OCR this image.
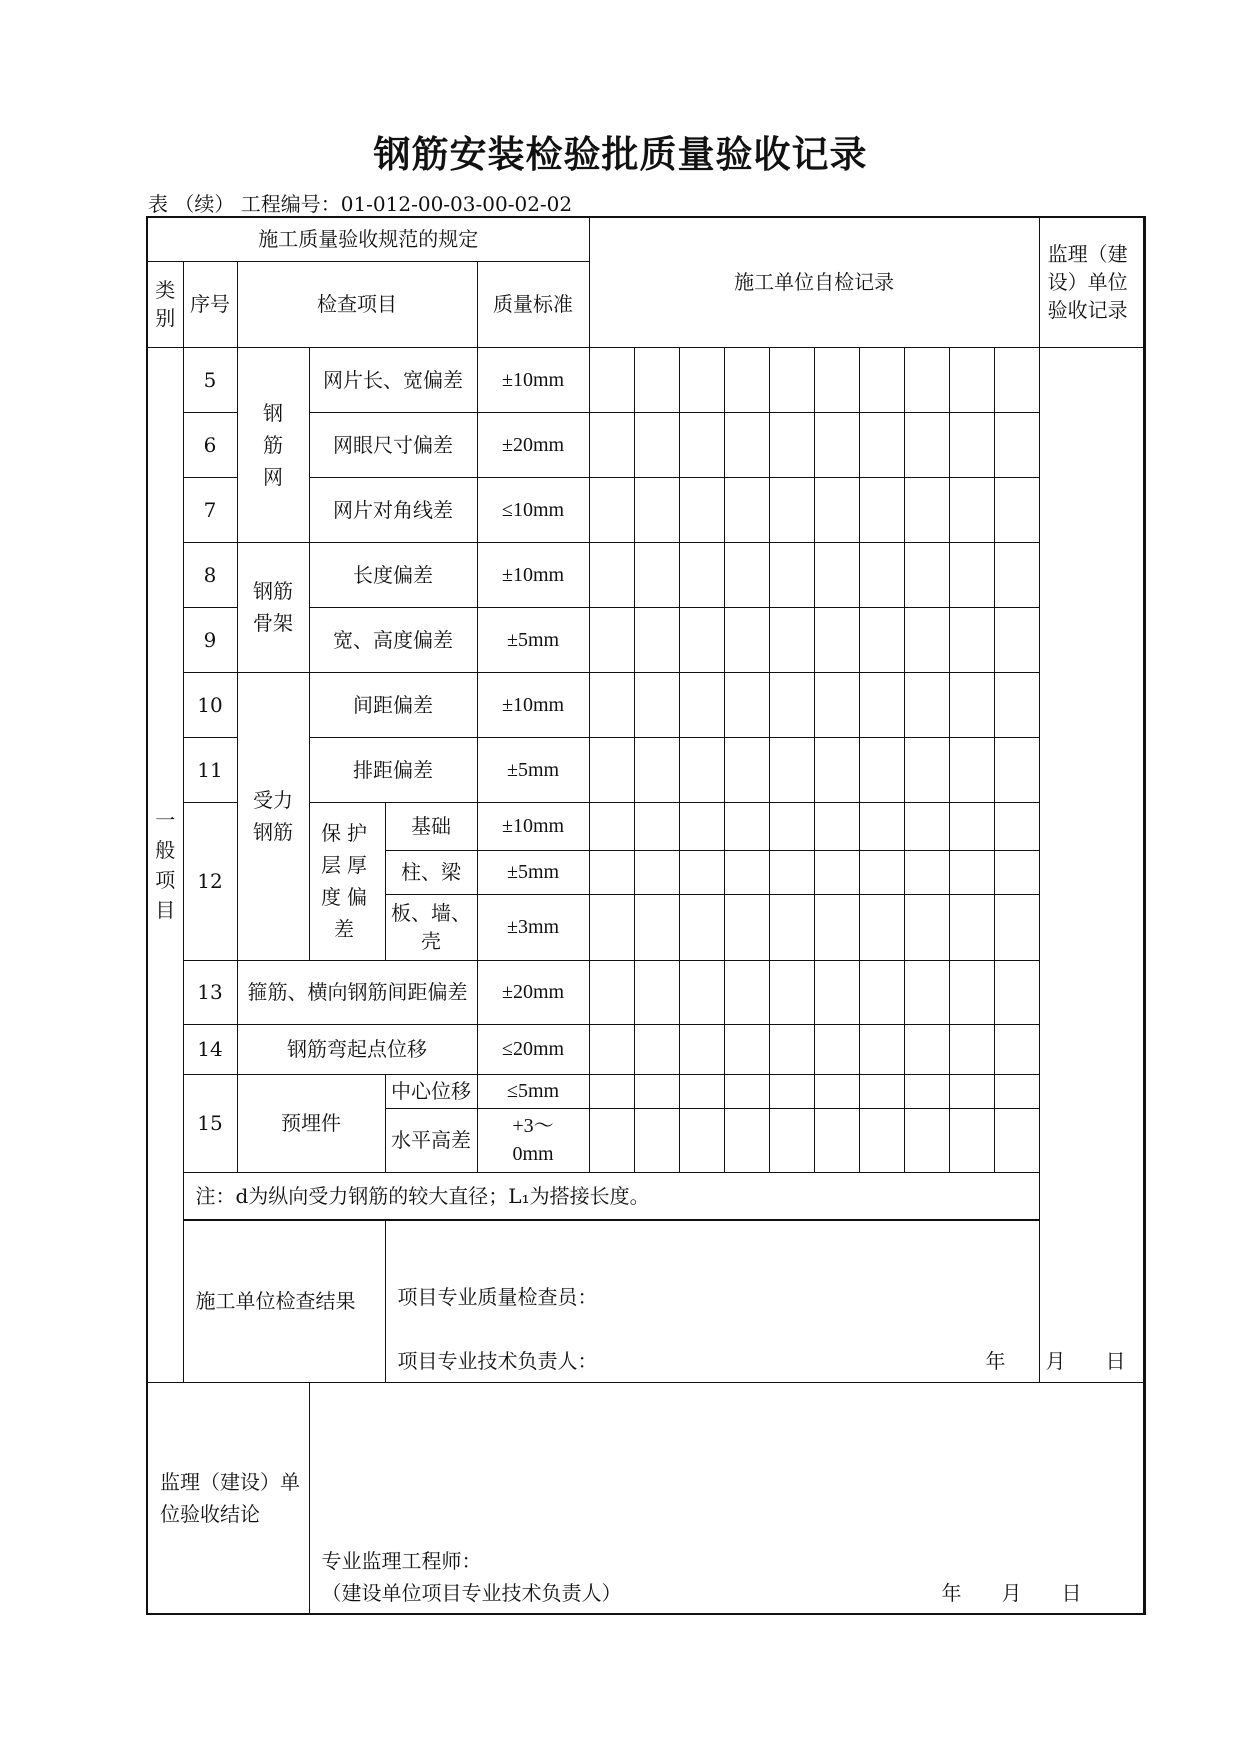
钢筋安装检验批质量验收记录
表 （续） 工程编号：01-012-00-03-00-02-02
施工质量验收规范的规定						施工单位自检记录										监理（建设）单位验收记录
类别	序号	检查项目			质量标准											
一般项目	5	钢筋网	网片长、宽偏差		±10mm											
	6		网眼尺寸偏差		±20mm											
	7		网片对角线差		≤10mm											
	8	钢筋骨架	长度偏差		±10mm											
	9		宽、高度偏差		±5mm											
	10	受力钢筋	间距偏差		±10mm											
	11		排距偏差		±5mm											
	12		保护层厚度偏差	基础	±10mm											
				柱、梁	±5mm											
				板、墙、壳	±3mm											
	13	箍筋、横向钢筋间距偏差			±20mm											
	14	钢筋弯起点位移			≤20mm											
	15	预埋件		中心位移	≤5mm											
				水平高差	+3～0mm											
	注：d为纵向受力钢筋的较大直径；L₁为搭接长度。															
	施工单位检查结果			项目专业质量检查员：
项目专业技术负责人： 年　　月　　日												

监理（建设）单位验收结论			专业监理工程师：
（建设单位项目专业技术负责人） 年　　月　　日													
